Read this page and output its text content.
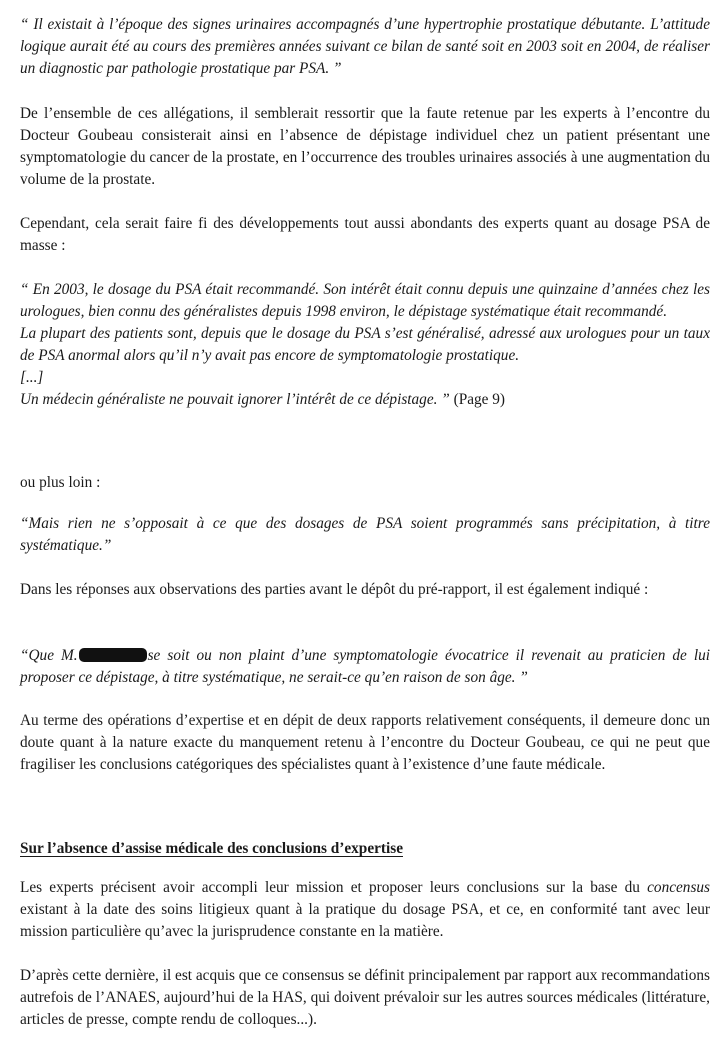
“ Il existait à l’époque des signes urinaires accompagnés d’une hypertrophie prostatique débutante. L’attitude logique aurait été au cours des premières années suivant ce bilan de santé soit en 2003 soit en 2004, de réaliser un diagnostic par pathologie prostatique par PSA. ”

De l’ensemble de ces allégations, il semblerait ressortir que la faute retenue par les experts à l’encontre du Docteur Goubeau consisterait ainsi en l’absence de dépistage individuel chez un patient présentant une symptomatologie du cancer de la prostate, en l’occurrence des troubles urinaires associés à une augmentation du volume de la prostate.

Cependant, cela serait faire fi des développements tout aussi abondants des experts quant au dosage PSA de masse :

“ En 2003, le dosage du PSA était recommandé. Son intérêt était connu depuis une quinzaine d’années chez les urologues, bien connu des généralistes depuis 1998 environ, le dépistage systématique était recommandé.

La plupart des patients sont, depuis que le dosage du PSA s’est généralisé, adressé aux urologues pour un taux de PSA anormal alors qu’il n’y avait pas encore de symptomatologie prostatique.

[...]

Un médecin généraliste ne pouvait ignorer l’intérêt de ce dépistage. ” (Page 9)

ou plus loin :

“Mais rien ne s’opposait à ce que des dosages de PSA soient programmés sans précipitation, à titre systématique.”

Dans les réponses aux observations des parties avant le dépôt du pré-rapport, il est également indiqué :

“Que M.	se soit ou non plaint d’une symptomatologie évocatrice il revenait au praticien de lui proposer ce dépistage, à titre systématique, ne serait-ce qu’en raison de son âge. ”

Au terme des opérations d’expertise et en dépit de deux rapports relativement conséquents, il demeure donc un doute quant à la nature exacte du manquement retenu à l’encontre du Docteur Goubeau, ce qui ne peut que fragiliser les conclusions catégoriques des spécialistes quant à l’existence d’une faute médicale.

Sur l’absence d’assise médicale des conclusions d’expertise

Les experts précisent avoir accompli leur mission et proposer leurs conclusions sur la base du concensus existant à la date des soins litigieux quant à la pratique du dosage PSA, et ce, en conformité tant avec leur mission particulière qu’avec la jurisprudence constante en la matière.

D’après cette dernière, il est acquis que ce consensus se définit principalement par rapport aux recommandations autrefois de l’ANAES, aujourd’hui de la HAS, qui doivent prévaloir sur les autres sources médicales (littérature, articles de presse, compte rendu de colloques...).
